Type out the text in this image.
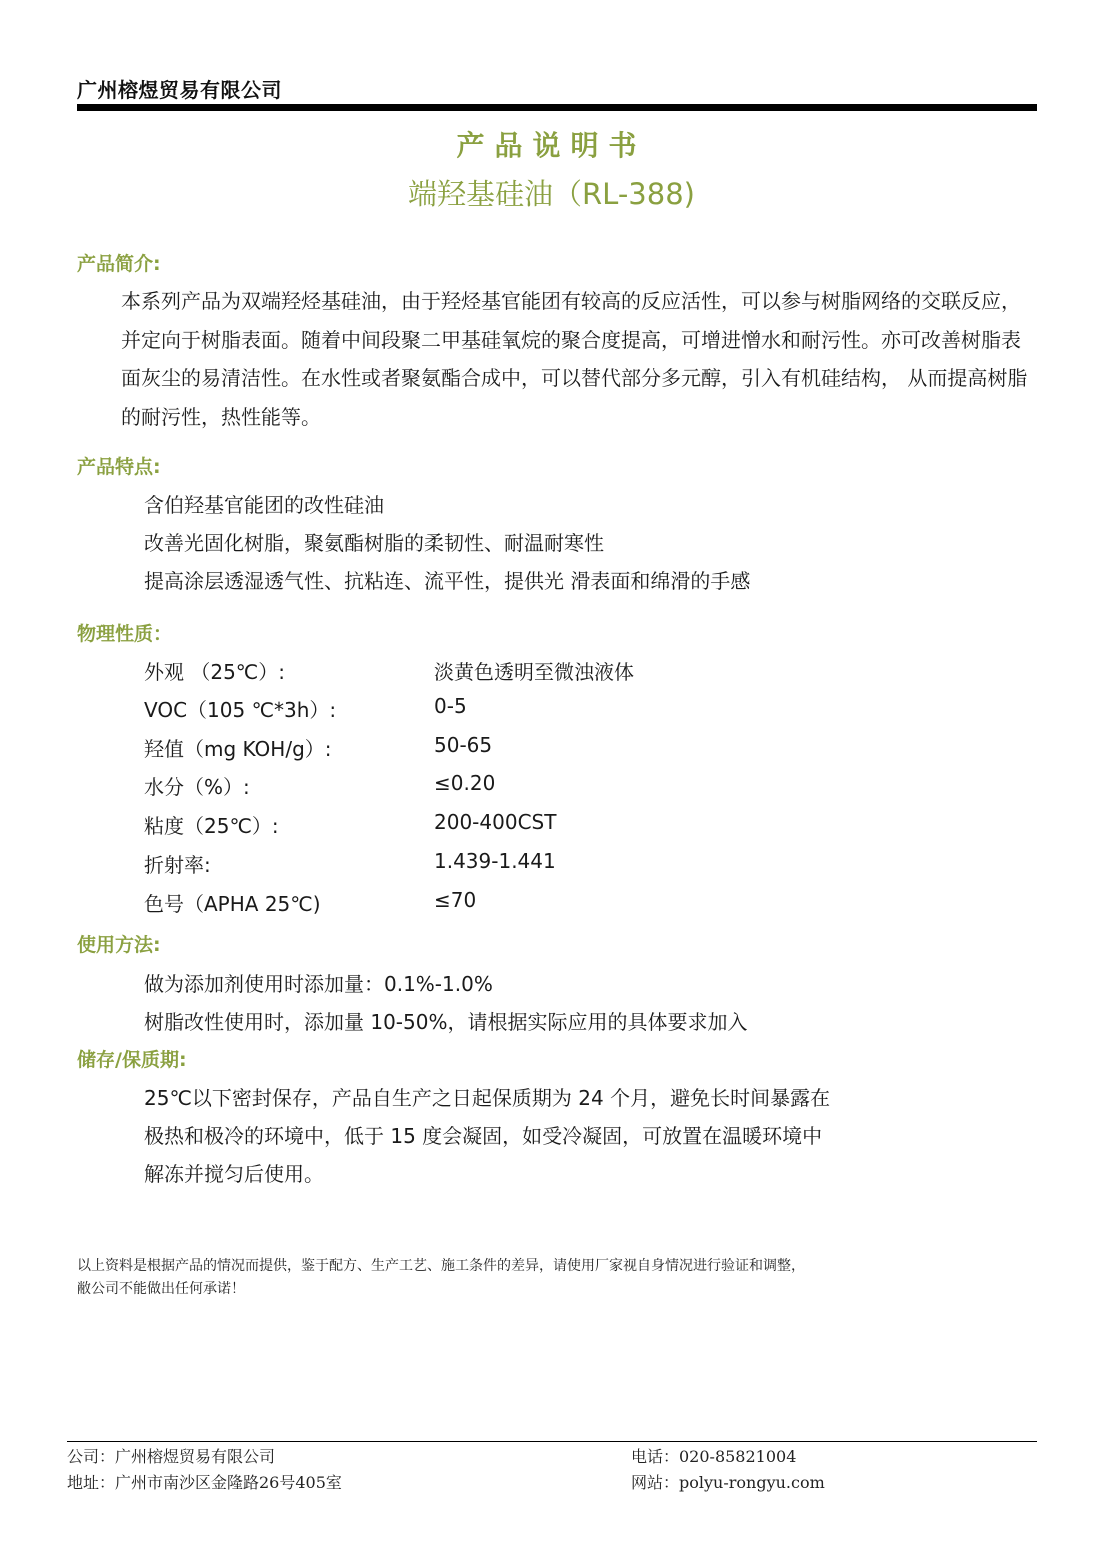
广州榕煜贸易有限公司
产品说明书
端羟基硅油（RL-388)
产品简介:
本系列产品为双端羟烃基硅油，由于羟烃基官能团有较高的反应活性，可以参与树脂网络的交联反应，并定向于树脂表面。随着中间段聚二甲基硅氧烷的聚合度提高，可增进憎水和耐污性。亦可改善树脂表面灰尘的易清洁性。在水性或者聚氨酯合成中，可以替代部分多元醇，引入有机硅结构， 从而提高树脂的耐污性，热性能等。
产品特点:
含伯羟基官能团的改性硅油
改善光固化树脂，聚氨酯树脂的柔韧性、耐温耐寒性
提高涂层透湿透气性、抗粘连、流平性，提供光 滑表面和绵滑的手感
物理性质：
外观 （25℃）:	淡黄色透明至微浊液体
VOC（105 ℃*3h）:	0-5
羟值（mg KOH/g）:	50-65
水分（%）:	≤0.20
粘度（25℃）:	200-400CST
折射率:	1.439-1.441
色号（APHA 25℃)	≤70
使用方法:
做为添加剂使用时添加量：0.1%-1.0%
树脂改性使用时，添加量 10-50%，请根据实际应用的具体要求加入
储存/保质期:
25℃以下密封保存，产品自生产之日起保质期为 24 个月，避免长时间暴露在
极热和极冷的环境中，低于 15 度会凝固，如受冷凝固，可放置在温暖环境中
解冻并搅匀后使用。
以上资料是根据产品的情况而提供，鉴于配方、生产工艺、施工条件的差异，请使用厂家视自身情况进行验证和调整，
敝公司不能做出任何承诺！
公司：广州榕煜贸易有限公司
地址：广州市南沙区金隆路26号405室
电话：020-85821004
网站：polyu-rongyu.com
